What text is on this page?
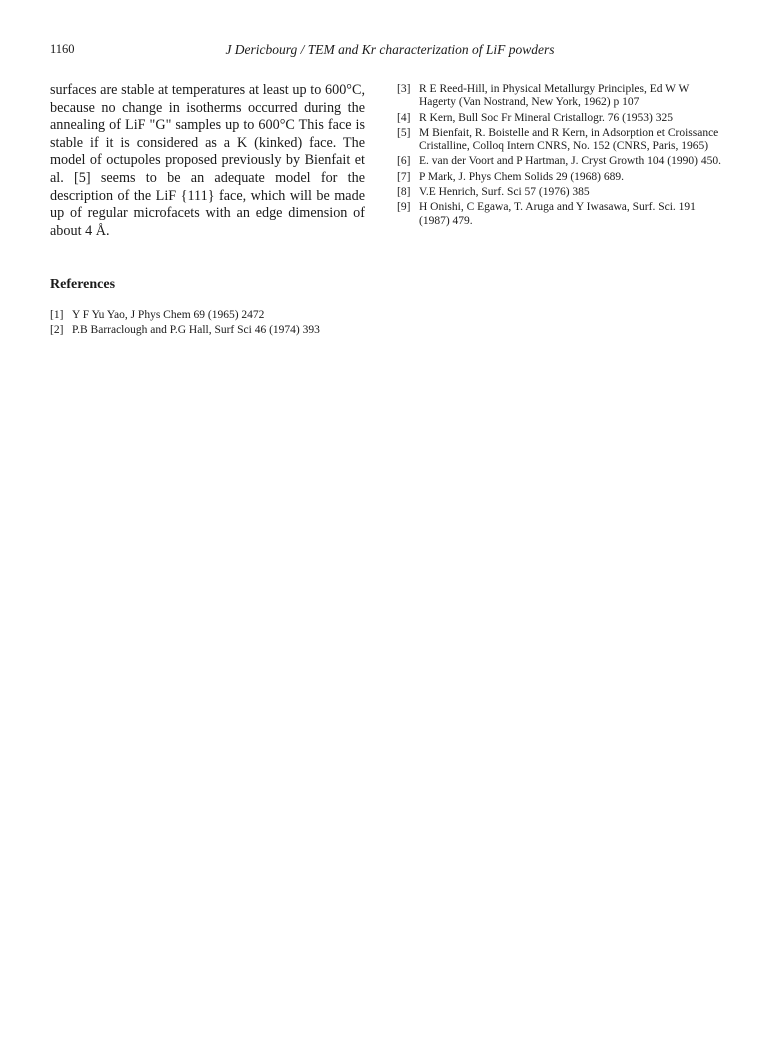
1160	J Dericbourg / TEM and Kr characterization of LiF powders

surfaces are stable at temperatures at least up to 600°C, because no change in isotherms occurred during the annealing of LiF "G" samples up to 600°C This face is stable if it is considered as a K (kinked) face. The model of octupoles proposed previously by Bienfait et al. [5] seems to be an adequate model for the description of the LiF {111} face, which will be made up of regular microfacets with an edge dimension of about 4 Å.

References
[1] Y F Yu Yao, J Phys Chem 69 (1965) 2472
[2] P.B Barraclough and P.G Hall, Surf Sci 46 (1974) 393
[3] R E Reed-Hill, in Physical Metallurgy Principles, Ed W W Hagerty (Van Nostrand, New York, 1962) p 107
[4] R Kern, Bull Soc Fr Mineral Cristallogr. 76 (1953) 325
[5] M Bienfait, R. Boistelle and R Kern, in Adsorption et Croissance Cristalline, Colloq Intern CNRS, No. 152 (CNRS, Paris, 1965)
[6] E. van der Voort and P Hartman, J. Cryst Growth 104 (1990) 450.
[7] P Mark, J. Phys Chem Solids 29 (1968) 689.
[8] V.E Henrich, Surf. Sci 57 (1976) 385
[9] H Onishi, C Egawa, T. Aruga and Y Iwasawa, Surf. Sci. 191 (1987) 479.
